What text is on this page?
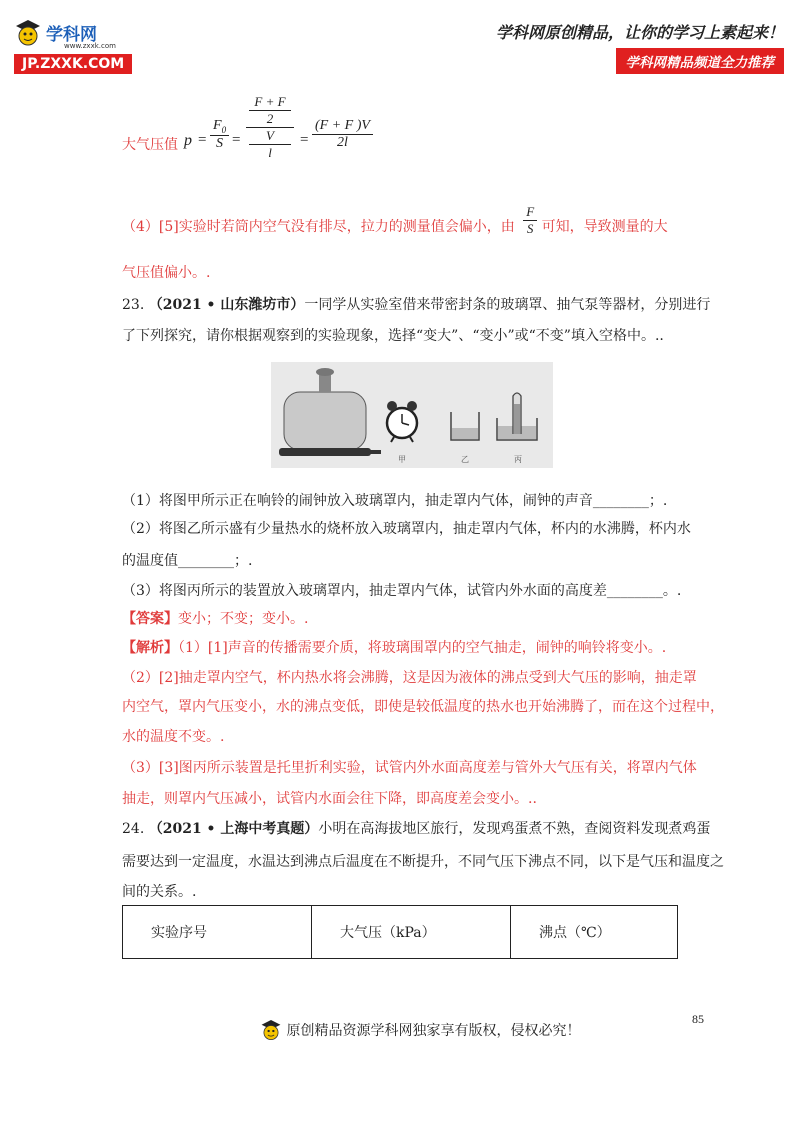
学科网
www.zxxk.com
JP.ZXXK.COM
学科网原创精品，让你的学习上素起来！
学科网精品频道全力推荐
大气压值 $p = \frac{F_0}{S} = F + F$
2
V
$l = \frac{(F + F )V}{2l}$
（4）[5]实验时若筒内空气没有排尽，拉力的测量值会偏小，由 $\frac{F}{S}$ 可知，导致测量的大
气压值偏小。.
23. （2021 • 山东潍坊市）一同学从实验室借来带密封条的玻璃罩、抽气泵等器材，分别进行
了下列探究，请你根据观察到的实验现象，选择“变大”、“变小”或“不变”填入空格中。..
甲	乙	丙
（1）将图甲所示正在响铃的闹钟放入玻璃罩内，抽走罩内气体，闹钟的声音________；.
（2）将图乙所示盛有少量热水的烧杯放入玻璃罩内，抽走罩内气体，杯内的水沸腾，杯内水
的温度值________；.
（3）将图丙所示的装置放入玻璃罩内，抽走罩内气体，试管内外水面的高度差________。.
【答案】变小；不变；变小。.
【解析】（1）[1]声音的传播需要介质，将玻璃围罩内的空气抽走，闹钟的响铃将变小。.
（2）[2]抽走罩内空气，杯内热水将会沸腾，这是因为液体的沸点受到大气压的影响，抽走罩
内空气，罩内气压变小，水的沸点变低，即使是较低温度的热水也开始沸腾了，而在这个过程中，
水的温度不变。.
（3）[3]图丙所示装置是托里折利实验，试管内外水面高度差与管外大气压有关，将罩内气体
抽走，则罩内气压减小，试管内水面会往下降，即高度差会变小。..
24. （2021 • 上海中考真题）小明在高海拔地区旅行，发现鸡蛋煮不熟，查阅资料发现煮鸡蛋
需要达到一定温度，水温达到沸点后温度在不断提升，不同气压下沸点不同，以下是气压和温度之
间的关系。.
实验序号	大气压（kPa）	沸点（℃）
85
原创精品资源学科网独家享有版权，侵权必究！
